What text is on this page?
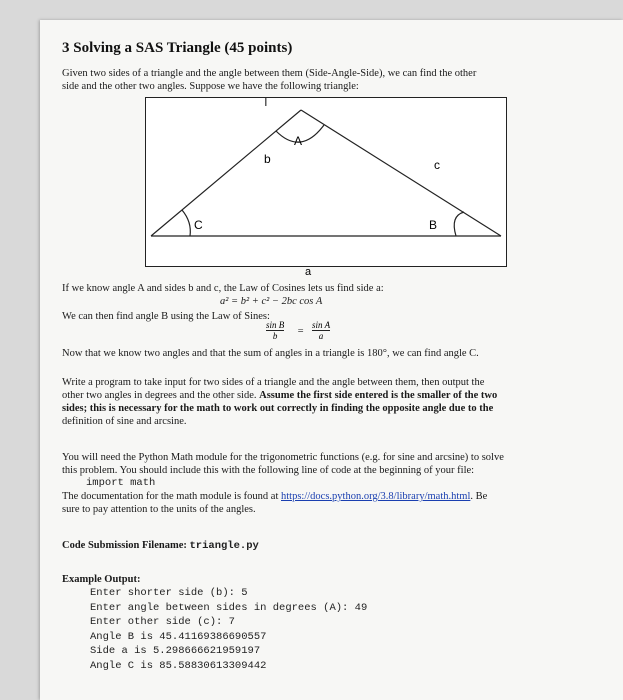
3 Solving a SAS Triangle (45 points)
Given two sides of a triangle and the angle between them (Side-Angle-Side), we can find the other
side and the other two angles. Suppose we have the following triangle:
I
A
b	c
C	B
a
If we know angle A and sides b and c, the Law of Cosines lets us find side a:
a² = b² + c² − 2bc cos A
We can then find angle B using the Law of Sines:
$\frac{\text{sin B}}{b} = \frac{\text{sin A}}{a}$
Now that we know two angles and that the sum of angles in a triangle is 180°, we can find angle C.
Write a program to take input for two sides of a triangle and the angle between them, then output the
other two angles in degrees and the other side. Assume the first side entered is the smaller of the two
sides; this is necessary for the math to work out correctly in finding the opposite angle due to the
definition of sine and arcsine.
You will need the Python Math module for the trigonometric functions (e.g. for sine and arcsine) to solve
this problem. You should include this with the following line of code at the beginning of your file:
import math
The documentation for the math module is found at https://docs.python.org/3.8/library/math.html. Be
sure to pay attention to the units of the angles.
Code Submission Filename: triangle.py
Example Output:
Enter shorter side (b): 5
Enter angle between sides in degrees (A): 49
Enter other side (c): 7
Angle B is 45.41169386690557
Side a is 5.298666621959197
Angle C is 85.58830613309442
